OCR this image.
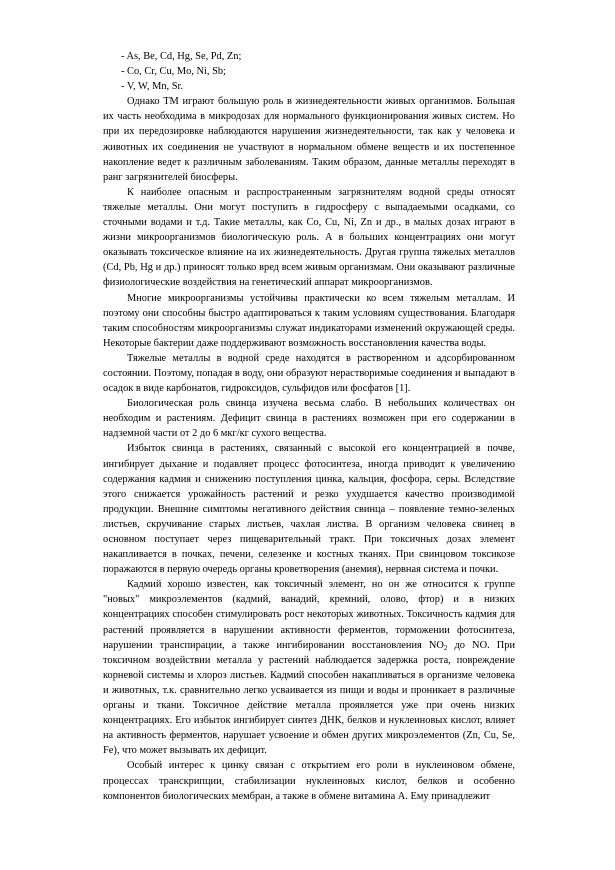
- As, Be, Cd, Hg, Se, Pd, Zn;
- Co, Cr, Cu, Mo, Ni, Sb;
- V, W, Mn, Sr.

Однако ТМ играют большую роль в жизнедеятельности живых организмов. Большая их часть необходима в микродозах для нормального функционирования живых систем. Но при их передозировке наблюдаются нарушения жизнедеятельности, так как у человека и животных их соединения не участвуют в нормальном обмене веществ и их постепенное накопление ведет к различным заболеваниям. Таким образом, данные металлы переходят в ранг загрязнителей биосферы.

К наиболее опасным и распространенным загрязнителям водной среды относят тяжелые металлы. Они могут поступить в гидросферу с выпадаемыми осадками, со сточными водами и т.д. Такие металлы, как Co, Cu, Ni, Zn и др., в малых дозах играют в жизни микроорганизмов биологическую роль. А в больших концентрациях они могут оказывать токсическое влияние на их жизнедеятельность. Другая группа тяжелых металлов (Cd, Pb, Hg и др.) приносят только вред всем живым организмам. Они оказывают различные физиологические воздействия на генетический аппарат микроорганизмов.

Многие микроорганизмы устойчивы практически ко всем тяжелым металлам. И поэтому они способны быстро адаптироваться к таким условиям существования. Благодаря таким способностям микроорганизмы служат индикаторами изменений окружающей среды. Некоторые бактерии даже поддерживают возможность восстановления качества воды.

Тяжелые металлы в водной среде находятся в растворенном и адсорбированном состоянии. Поэтому, попадая в воду, они образуют нерастворимые соединения и выпадают в осадок в виде карбонатов, гидроксидов, сульфидов или фосфатов [1].

Биологическая роль свинца изучена весьма слабо. В небольших количествах он необходим и растениям. Дефицит свинца в растениях возможен при его содержании в надземной части от 2 до 6 мкг/кг сухого вещества.

Избыток свинца в растениях, связанный с высокой его концентрацией в почве, ингибирует дыхание и подавляет процесс фотосинтеза, иногда приводит к увеличению содержания кадмия и снижению поступления цинка, кальция, фосфора, серы. Вследствие этого снижается урожайность растений и резко ухудшается качество производимой продукции. Внешние симптомы негативного действия свинца – появление темно-зеленых листьев, скручивание старых листьев, чахлая листва. В организм человека свинец в основном поступает через пищеварительный тракт. При токсичных дозах элемент накапливается в почках, печени, селезенке и костных тканях. При свинцовом токсикозе поражаются в первую очередь органы кроветворения (анемия), нервная система и почки.

Кадмий хорошо известен, как токсичный элемент, но он же относится к группе "новых" микроэлементов (кадмий, ванадий, кремний, олово, фтор) и в низких концентрациях способен стимулировать рост некоторых животных. Токсичность кадмия для растений проявляется в нарушении активности ферментов, торможении фотосинтеза, нарушении транспирации, а также ингибировании восстановления $NO_2$ до NO. При токсичном воздействии металла у растений наблюдается задержка роста, повреждение корневой системы и хлороз листьев. Кадмий способен накапливаться в организме человека и животных, т.к. сравнительно легко усваивается из пищи и воды и проникает в различные органы и ткани. Токсичное действие металла проявляется уже при очень низких концентрациях. Его избыток ингибирует синтез ДНК, белков и нуклеиновых кислот, влияет на активность ферментов, нарушает усвоение и обмен других микроэлементов (Zn, Cu, Se, Fe), что может вызывать их дефицит.

Особый интерес к цинку связан с открытием его роли в нуклеиновом обмене, процессах транскрипции, стабилизации нуклеиновых кислот, белков и особенно компонентов биологических мембран, а также в обмене витамина А. Ему принадлежит
